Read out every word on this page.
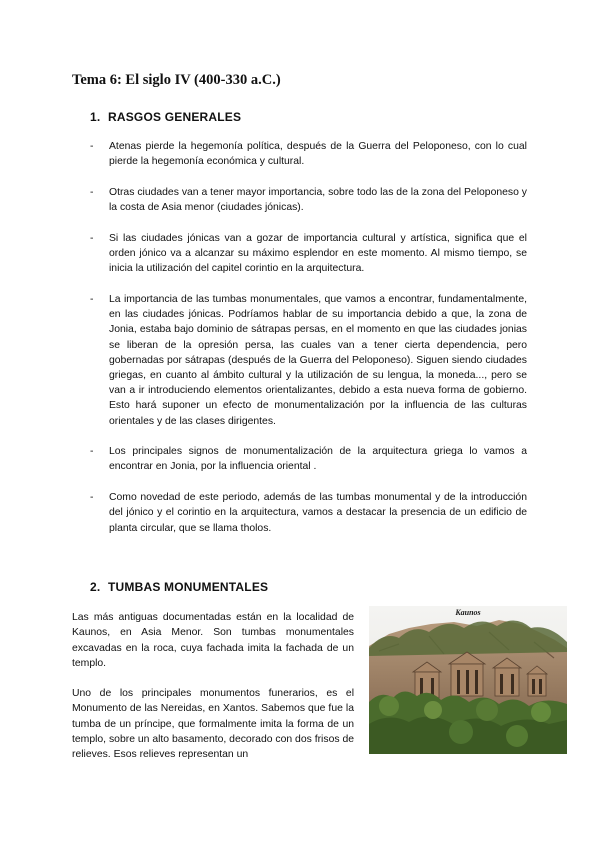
Tema 6: El siglo IV (400-330 a.C.)
1. RASGOS GENERALES
- Atenas pierde la hegemonía política, después de la Guerra del Peloponeso, con lo cual pierde la hegemonía económica y cultural.
- Otras ciudades van a tener mayor importancia, sobre todo las de la zona del Peloponeso y la costa de Asia menor (ciudades jónicas).
- Si las ciudades jónicas van a gozar de importancia cultural y artística, significa que el orden jónico va a alcanzar su máximo esplendor en este momento. Al mismo tiempo, se inicia la utilización del capitel corintio en la arquitectura.
- La importancia de las tumbas monumentales, que vamos a encontrar, fundamentalmente, en las ciudades jónicas. Podríamos hablar de su importancia debido a que, la zona de Jonia, estaba bajo dominio de sátrapas persas, en el momento en que las ciudades jonias se liberan de la opresión persa, las cuales van a tener cierta dependencia, pero gobernadas por sátrapas (después de la Guerra del Peloponeso). Siguen siendo ciudades griegas, en cuanto al ámbito cultural y la utilización de su lengua, la moneda..., pero se van a ir introduciendo elementos orientalizantes, debido a esta nueva forma de gobierno. Esto hará suponer un efecto de monumentalización por la influencia de las culturas orientales y de las clases dirigentes.
- Los principales signos de monumentalización de la arquitectura griega lo vamos a encontrar en Jonia, por la influencia oriental .
- Como novedad de este periodo, además de las tumbas monumental y de la introducción del jónico y el corintio en la arquitectura, vamos a destacar la presencia de un edificio de planta circular, que se llama tholos.
2. TUMBAS MONUMENTALES

Las más antiguas documentadas están en la localidad de Kaunos, en Asia Menor. Son tumbas monumentales excavadas en la roca, cuya fachada imita la fachada de un templo.

Uno de los principales monumentos funerarios, es el Monumento de las Nereidas, en Xantos. Sabemos que fue la tumba de un príncipe, que formalmente imita la forma de un templo, sobre un alto basamento, decorado con dos frisos de relieves. Esos relieves representan un

Kaunos
